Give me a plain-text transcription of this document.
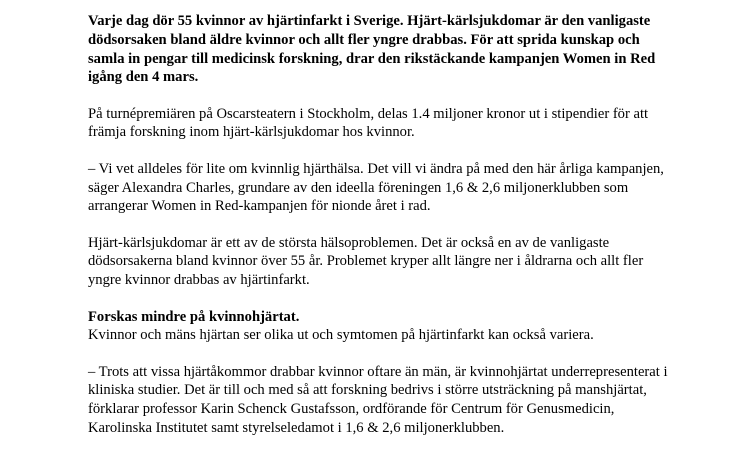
Varje dag dör 55 kvinnor av hjärtinfarkt i Sverige. Hjärt-kärlsjukdomar är den vanligaste dödsorsaken bland äldre kvinnor och allt fler yngre drabbas. För att sprida kunskap och samla in pengar till medicinsk forskning, drar den rikstäckande kampanjen Women in Red igång den 4 mars.

På turnépremiären på Oscarsteatern i Stockholm, delas 1.4 miljoner kronor ut i stipendier för att främja forskning inom hjärt-kärlsjukdomar hos kvinnor.

– Vi vet alldeles för lite om kvinnlig hjärthälsa. Det vill vi ändra på med den här årliga kampanjen, säger Alexandra Charles, grundare av den ideella föreningen 1,6 & 2,6 miljonerklubben som arrangerar Women in Red-kampanjen för nionde året i rad.

Hjärt-kärlsjukdomar är ett av de största hälsoproblemen. Det är också en av de vanligaste dödsorsakerna bland kvinnor över 55 år. Problemet kryper allt längre ner i åldrarna och allt fler yngre kvinnor drabbas av hjärtinfarkt.

Forskas mindre på kvinnohjärtat.
Kvinnor och mäns hjärtan ser olika ut och symtomen på hjärtinfarkt kan också variera.

– Trots att vissa hjärtåkommor drabbar kvinnor oftare än män, är kvinnohjärtat underrepresenterat i kliniska studier. Det är till och med så att forskning bedrivs i större utsträckning på manshjärtat, förklarar professor Karin Schenck Gustafsson, ordförande för Centrum för Genusmedicin, Karolinska Institutet samt styrelseledamot i 1,6 & 2,6 miljonerklubben.
